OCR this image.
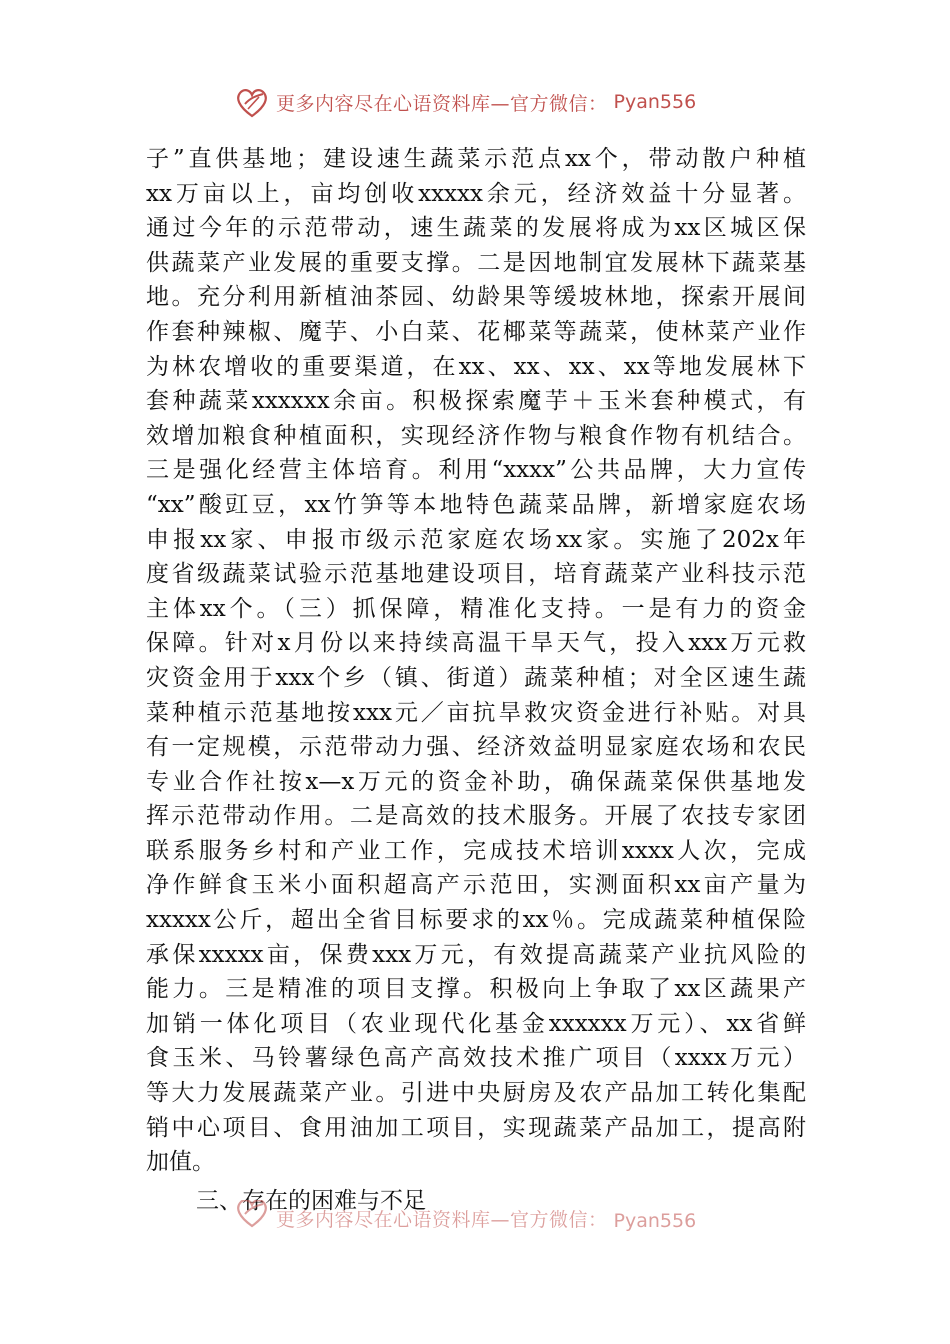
更多内容尽在心语资料库—官方微信： Pyan556
子”直供基地；建设速生蔬菜示范点xx个，带动散户种植
xx万亩以上，亩均创收xxxxx余元，经济效益十分显著。
通过今年的示范带动，速生蔬菜的发展将成为xx区城区保
供蔬菜产业发展的重要支撑。二是因地制宜发展林下蔬菜基
地。充分利用新植油茶园、幼龄果等缓坡林地，探索开展间
作套种辣椒、魔芋、小白菜、花椰菜等蔬菜，使林菜产业作
为林农增收的重要渠道，在xx、xx、xx、xx等地发展林下
套种蔬菜xxxxxx余亩。积极探索魔芋＋玉米套种模式，有
效增加粮食种植面积，实现经济作物与粮食作物有机结合。
三是强化经营主体培育。利用“xxxx”公共品牌，大力宣传
“xx”酸豇豆，xx竹笋等本地特色蔬菜品牌，新增家庭农场
申报xx家、申报市级示范家庭农场xx家。实施了202x年
度省级蔬菜试验示范基地建设项目，培育蔬菜产业科技示范
主体xx个。（三）抓保障，精准化支持。一是有力的资金
保障。针对x月份以来持续高温干旱天气，投入xxx万元救
灾资金用于xxx个乡（镇、街道）蔬菜种植；对全区速生蔬
菜种植示范基地按xxx元／亩抗旱救灾资金进行补贴。对具
有一定规模，示范带动力强、经济效益明显家庭农场和农民
专业合作社按x—x万元的资金补助，确保蔬菜保供基地发
挥示范带动作用。二是高效的技术服务。开展了农技专家团
联系服务乡村和产业工作，完成技术培训xxxx人次，完成
净作鲜食玉米小面积超高产示范田，实测面积xx亩产量为
xxxxx公斤，超出全省目标要求的xx％。完成蔬菜种植保险
承保xxxxx亩，保费xxx万元，有效提高蔬菜产业抗风险的
能力。三是精准的项目支撑。积极向上争取了xx区蔬果产
加销一体化项目（农业现代化基金xxxxxx万元）、xx省鲜
食玉米、马铃薯绿色高产高效技术推广项目（xxxx万元）
等大力发展蔬菜产业。引进中央厨房及农产品加工转化集配
销中心项目、食用油加工项目，实现蔬菜产品加工，提高附
加值。
三、存在的困难与不足
更多内容尽在心语资料库—官方微信： Pyan556
